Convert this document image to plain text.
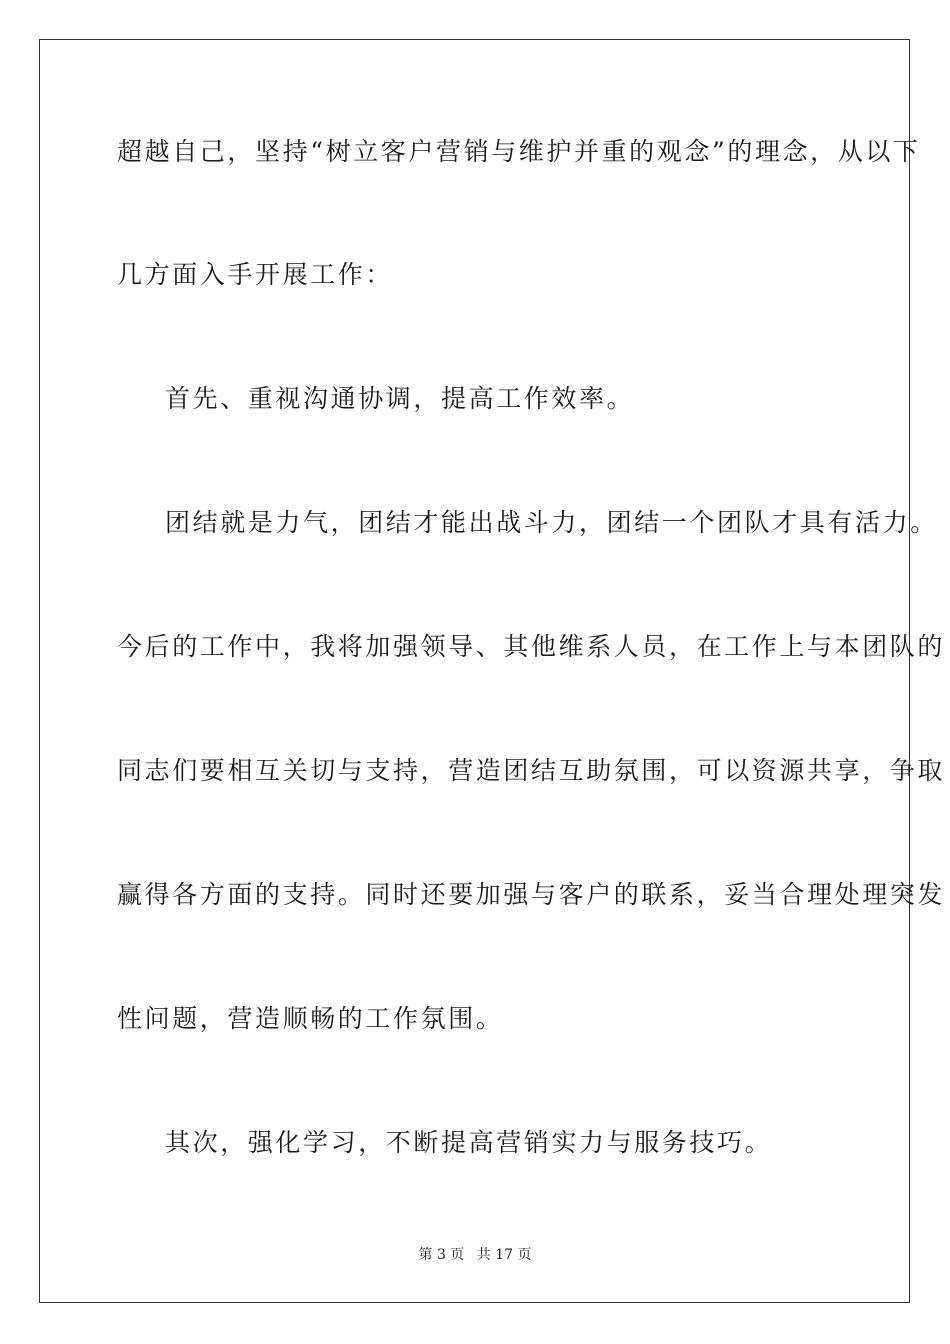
超越自己，坚持“树立客户营销与维护并重的观念”的理念，从以下
几方面入手开展工作：
首先、重视沟通协调，提高工作效率。
团结就是力气，团结才能出战斗力，团结一个团队才具有活力。
今后的工作中，我将加强领导、其他维系人员，在工作上与本团队的
同志们要相互关切与支持，营造团结互助氛围，可以资源共享，争取
赢得各方面的支持。同时还要加强与客户的联系，妥当合理处理突发
性问题，营造顺畅的工作氛围。
其次，强化学习，不断提高营销实力与服务技巧。
第 3 页 共 17 页
